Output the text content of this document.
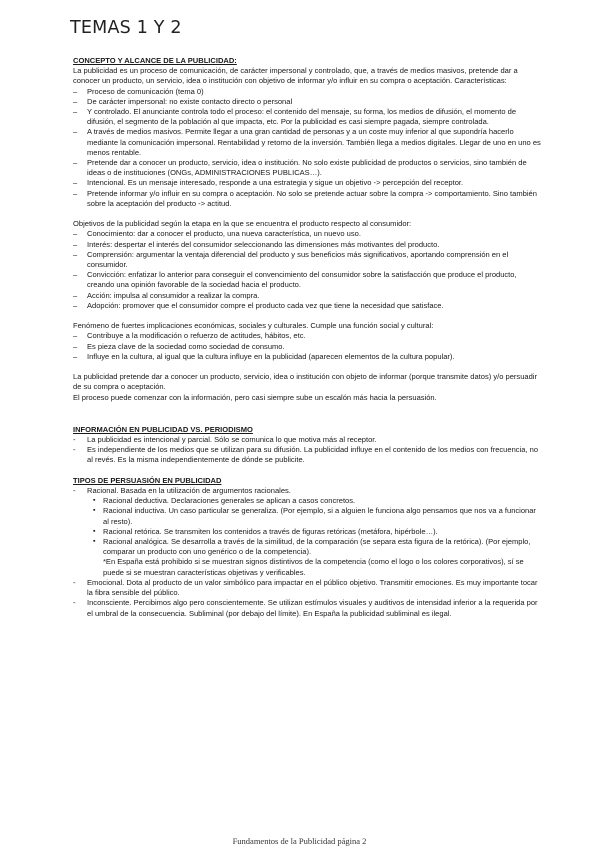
TEMAS 1 Y 2

CONCEPTO Y ALCANCE DE LA PUBLICIDAD:

La publicidad es un proceso de comunicación, de carácter impersonal y controlado, que, a través de medios masivos, pretende dar a conocer un producto, un servicio, idea o institución con objetivo de informar y/o influir en su compra o aceptación. Características:

–	Proceso de comunicación (tema 0)
–	De carácter impersonal: no existe contacto directo o personal
–	Y controlado. El anunciante controla todo el proceso: el contenido del mensaje, su forma, los medios de difusión, el momento de difusión, el segmento de la población al que impacta, etc. Por la publicidad es casi siempre pagada, siempre controlada.
–	A través de medios masivos. Permite llegar a una gran cantidad de personas y a un coste muy inferior al que supondría hacerlo mediante la comunicación impersonal. Rentabilidad y retorno de la inversión. También llega a medios digitales. Llegar de uno en uno es menos rentable.
–	Pretende dar a conocer un producto, servicio, idea o institución. No solo existe publicidad de productos o servicios, sino también de ideas o de instituciones (ONGs, ADMINISTRACIONES PUBLICAS…).
–	Intencional. Es un mensaje interesado, responde a una estrategia y sigue un objetivo -> percepción del receptor.
–	Pretende informar y/o influir en su compra o aceptación. No solo se pretende actuar sobre la compra -> comportamiento. Sino también sobre la aceptación del producto -> actitud.

Objetivos de la publicidad según la etapa en la que se encuentra el producto respecto al consumidor:

–	Conocimiento: dar a conocer el producto, una nueva característica, un nuevo uso.
–	Interés: despertar el interés del consumidor seleccionando las dimensiones más motivantes del producto.
–	Comprensión: argumentar la ventaja diferencial del producto y sus beneficios más significativos, aportando comprensión en el consumidor.
–	Convicción: enfatizar lo anterior para conseguir el convencimiento del consumidor sobre la satisfacción que produce el producto, creando una opinión favorable de la sociedad hacia el producto.
–	Acción: impulsa al consumidor a realizar la compra.
–	Adopción: promover que el consumidor compre el producto cada vez que tiene la necesidad que satisface.

Fenómeno de fuertes implicaciones económicas, sociales y culturales. Cumple una función social y cultural:

–	Contribuye a la modificación o refuerzo de actitudes, hábitos, etc.
–	Es pieza clave de la sociedad como sociedad de consumo.
–	Influye en la cultura, al igual que la cultura influye en la publicidad (aparecen elementos de la cultura popular).

La publicidad pretende dar a conocer un producto, servicio, idea o institución con objeto de informar (porque transmite datos) y/o persuadir de su compra o aceptación.

El proceso puede comenzar con la información, pero casi siempre sube un escalón más hacia la persuasión.

INFORMACIÓN EN PUBLICIDAD VS. PERIODISMO

-	La publicidad es intencional y parcial. Sólo se comunica lo que motiva más al receptor.
-	Es independiente de los medios que se utilizan para su difusión. La publicidad influye en el contenido de los medios con frecuencia, no al revés. Es la misma independientemente de dónde se publicite.

TIPOS DE PERSUASIÓN EN PUBLICIDAD

-	Racional. Basada en la utilización de argumentos racionales.
▪ Racional deductiva. Declaraciones generales se aplican a casos concretos.
▪ Racional inductiva. Un caso particular se generaliza. (Por ejemplo, si a alguien le funciona algo pensamos que nos va a funcionar al resto).
▪ Racional retórica. Se transmiten los contenidos a través de figuras retóricas (metáfora, hipérbole…).
▪ Racional analógica. Se desarrolla a través de la similitud, de la comparación (se separa esta figura de la retórica). (Por ejemplo, comparar un producto con uno genérico o de la competencia).

*En España está prohibido si se muestran signos distintivos de la competencia (como el logo o los colores corporativos), sí se puede si se muestran características objetivas y verificables.

-	Emocional. Dota al producto de un valor simbólico para impactar en el público objetivo. Transmitir emociones. Es muy importante tocar la fibra sensible del público.
-	Inconsciente. Percibimos algo pero conscientemente. Se utilizan estímulos visuales y auditivos de intensidad inferior a la requerida por el umbral de la consecuencia. Subliminal (por debajo del límite). En España la publicidad subliminal es ilegal.
Fundamentos de la Publicidad página 2
